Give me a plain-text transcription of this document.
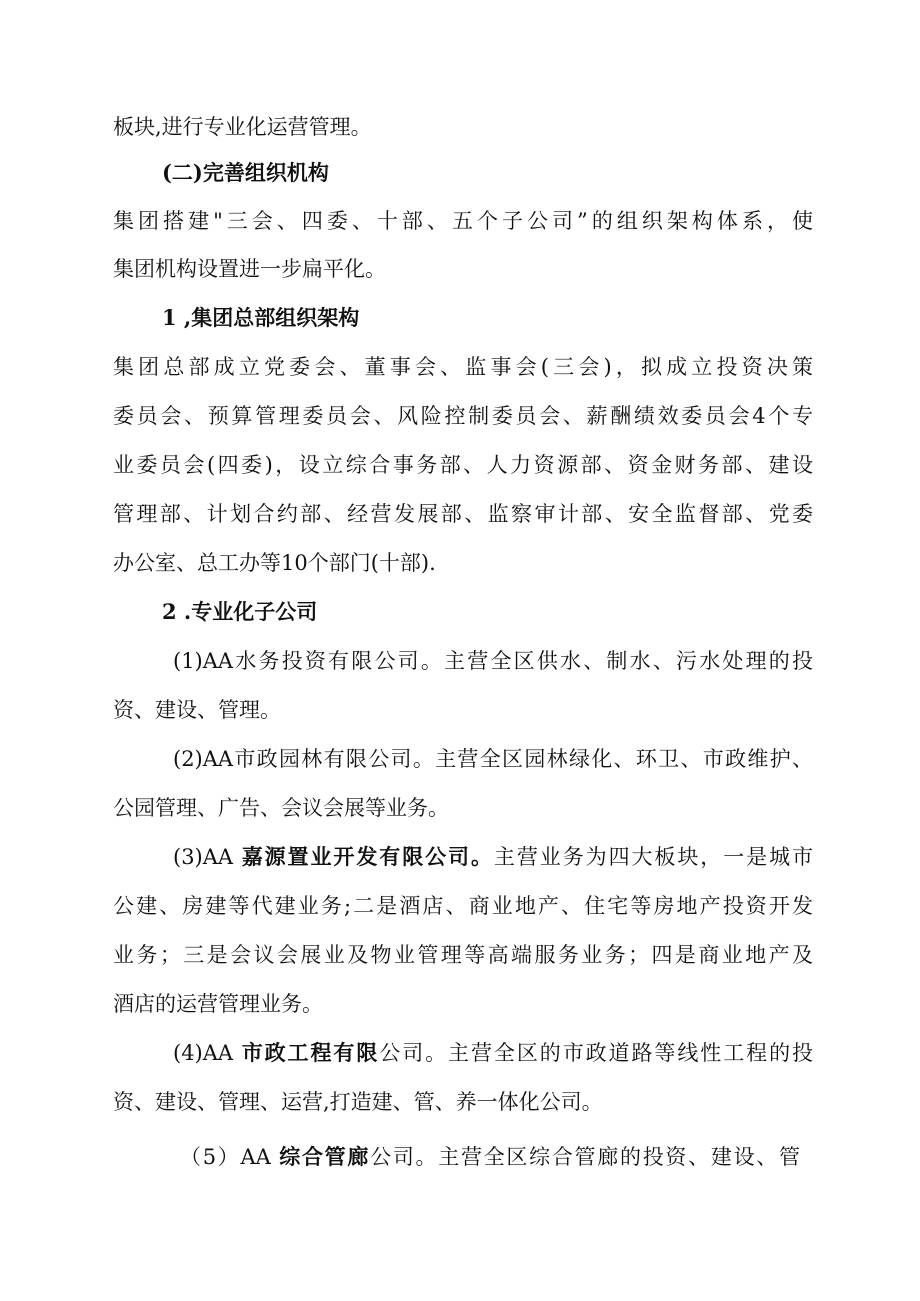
板块,进行专业化运营管理。
(二)完善组织机构
集团搭建"三会、四委、十部、五个子公司”的组织架构体系，使
集团机构设置进一步扁平化。
1 ,集团总部组织架构
集团总部成立党委会、董事会、监事会(三会)，拟成立投资决策
委员会、预算管理委员会、风险控制委员会、薪酬绩效委员会4个专
业委员会(四委)，设立综合事务部、人力资源部、资金财务部、建设
管理部、计划合约部、经营发展部、监察审计部、安全监督部、党委
办公室、总工办等10个部门(十部).
2 .专业化子公司
(1)AA水务投资有限公司。主营全区供水、制水、污水处理的投
资、建设、管理。
(2)AA市政园林有限公司。主营全区园林绿化、环卫、市政维护、
公园管理、广告、会议会展等业务。
(3)AA 嘉源置业开发有限公司。主营业务为四大板块，一是城市
公建、房建等代建业务;二是酒店、商业地产、住宅等房地产投资开发
业务；三是会议会展业及物业管理等高端服务业务；四是商业地产及
酒店的运营管理业务。
(4)AA 市政工程有限公司。主营全区的市政道路等线性工程的投
资、建设、管理、运营,打造建、管、养一体化公司。
（5）AA 综合管廊公司。主营全区综合管廊的投资、建设、管
